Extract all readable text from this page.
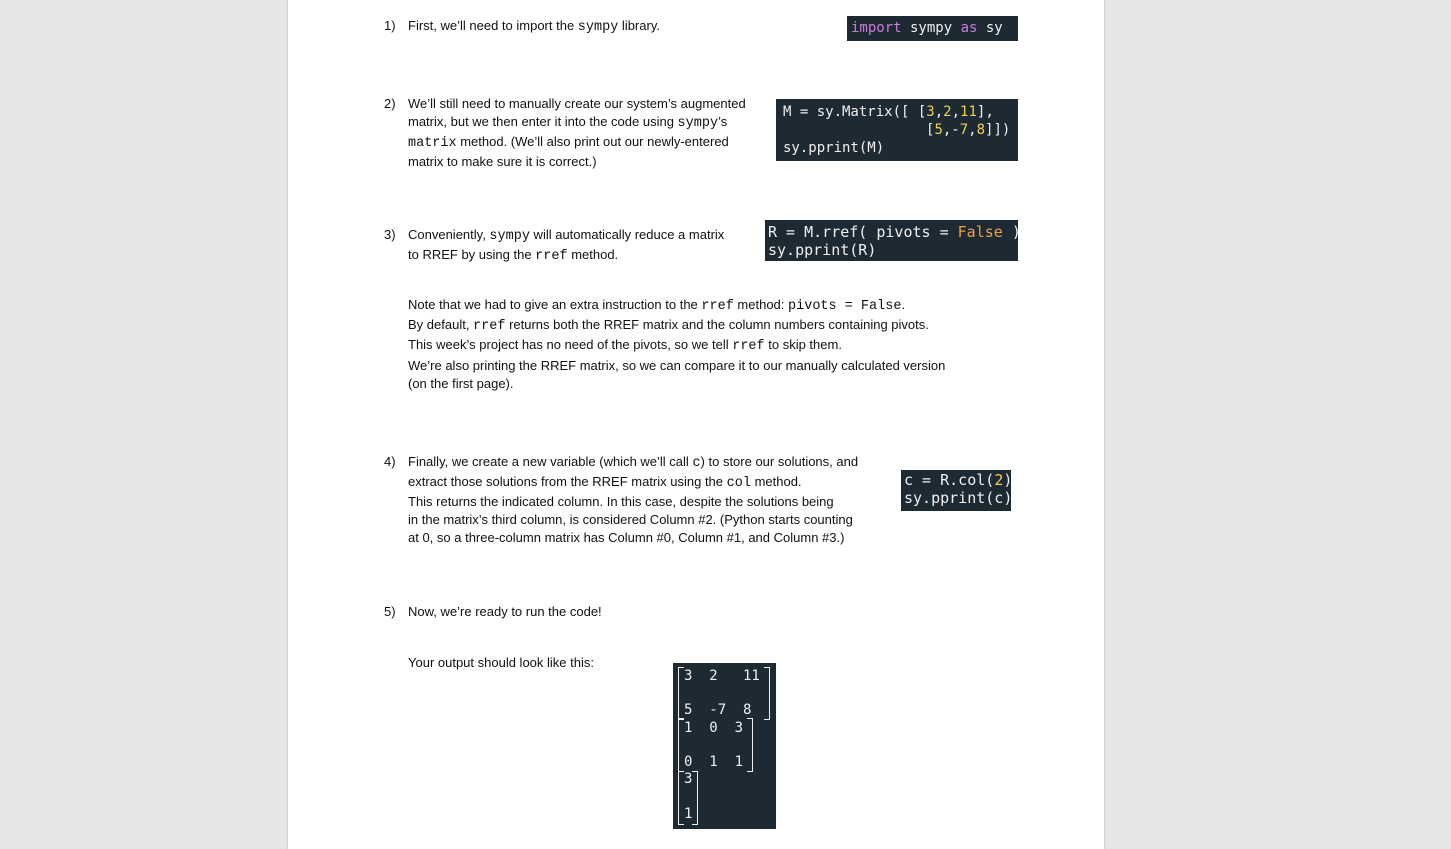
1) First, we’ll need to import the sympy library.	import sympy as sy
2) We’ll still need to manually create our system’s augmented

matrix, but we then enter it into the code using sympy’s

matrix method. (We’ll also print out our newly-entered

matrix to make sure it is correct.)

M = sy.Matrix([ [3,2,11],
[5,-7,8]])
sy.pprint(M)
3) Conveniently, sympy will automatically reduce a matrix

to RREF by using the rref method.

R = M.rref( pivots = False )
sy.pprint(R)

Note that we had to give an extra instruction to the rref method: pivots = False.

By default, rref returns both the RREF matrix and the column numbers containing pivots.

This week’s project has no need of the pivots, so we tell rref to skip them.

We’re also printing the RREF matrix, so we can compare it to our manually calculated version

(on the first page).

4) Finally, we create a new variable (which we’ll call c) to store our solutions, and

extract those solutions from the RREF matrix using the col method.

This returns the indicated column. In this case, despite the solutions being

in the matrix’s third column, is considered Column #2. (Python starts counting

at 0, so a three-column matrix has Column #0, Column #1, and Column #3.)

c = R.col(2)
sy.pprint(c)
5) Now, we’re ready to run the code!
Your output should look like this:
3  2   11
5  -7  8
1  0  3
0  1  1
3
1
